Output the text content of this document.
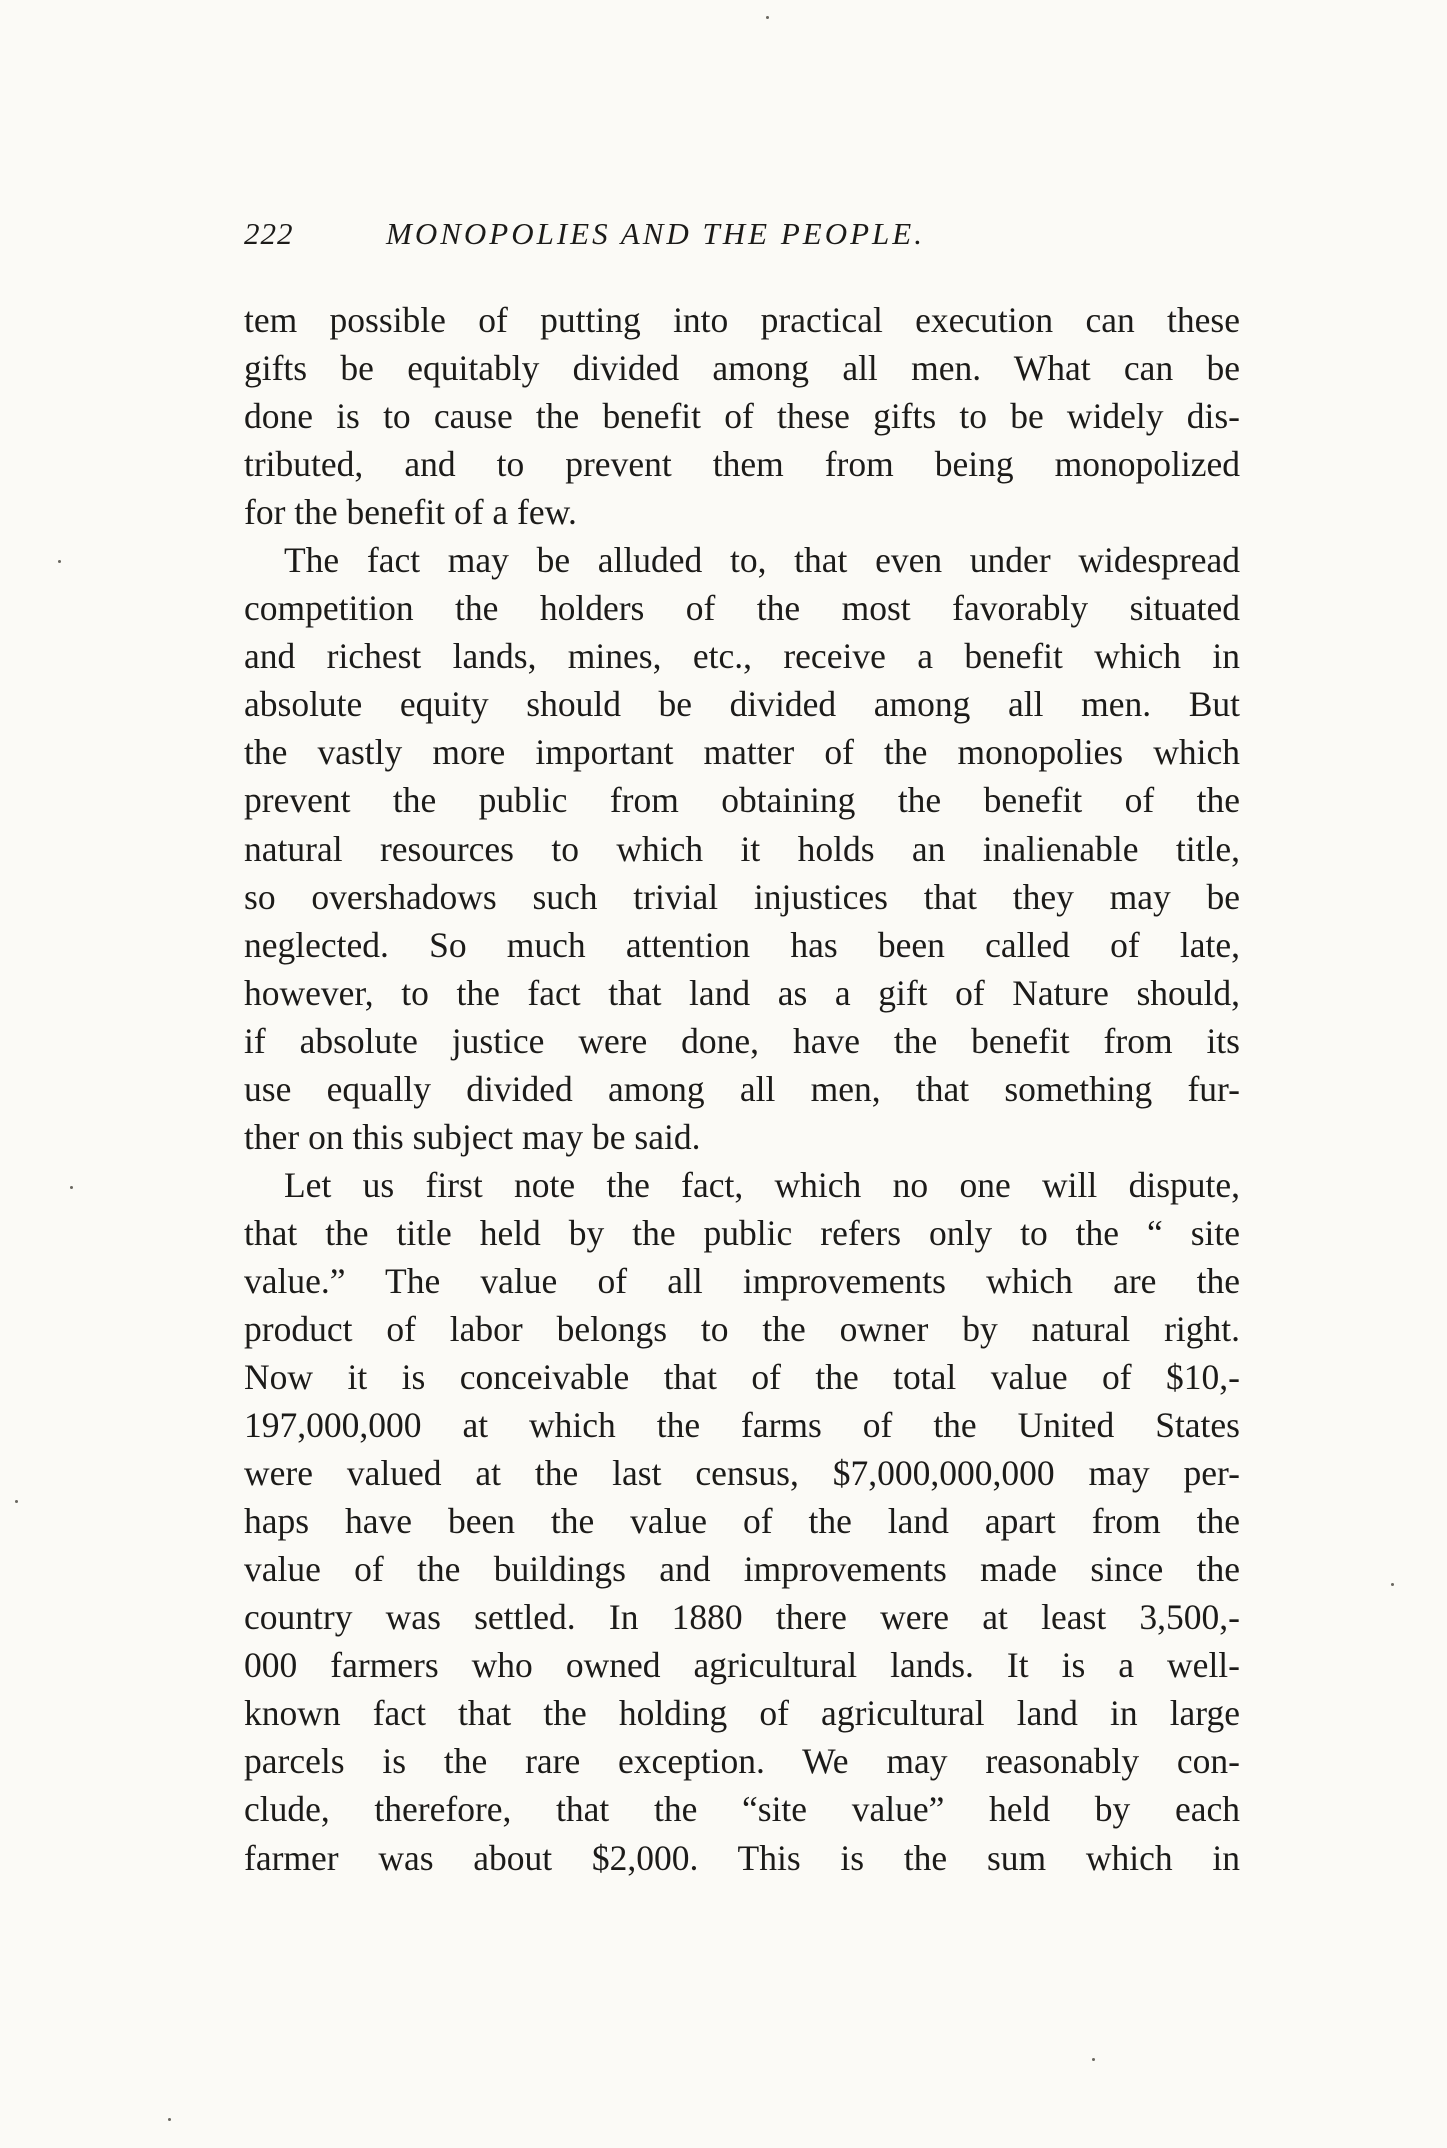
222	MONOPOLIES AND THE PEOPLE.
tem possible of putting into practical execution can these
gifts be equitably divided among all men. What can be
done is to cause the benefit of these gifts to be widely dis-
tributed, and to prevent them from being monopolized
for the benefit of a few.
The fact may be alluded to, that even under widespread
competition the holders of the most favorably situated
and richest lands, mines, etc., receive a benefit which in
absolute equity should be divided among all men. But
the vastly more important matter of the monopolies which
prevent the public from obtaining the benefit of the
natural resources to which it holds an inalienable title,
so overshadows such trivial injustices that they may be
neglected. So much attention has been called of late,
however, to the fact that land as a gift of Nature should,
if absolute justice were done, have the benefit from its
use equally divided among all men, that something fur-
ther on this subject may be said.
Let us first note the fact, which no one will dispute,
that the title held by the public refers only to the “ site
value.” The value of all improvements which are the
product of labor belongs to the owner by natural right.
Now it is conceivable that of the total value of $10,-
197,000,000 at which the farms of the United States
were valued at the last census, $7,000,000,000 may per-
haps have been the value of the land apart from the
value of the buildings and improvements made since the
country was settled. In 1880 there were at least 3,500,-
000 farmers who owned agricultural lands. It is a well-
known fact that the holding of agricultural land in large
parcels is the rare exception. We may reasonably con-
clude, therefore, that the “site value” held by each
farmer was about $2,000. This is the sum which in
